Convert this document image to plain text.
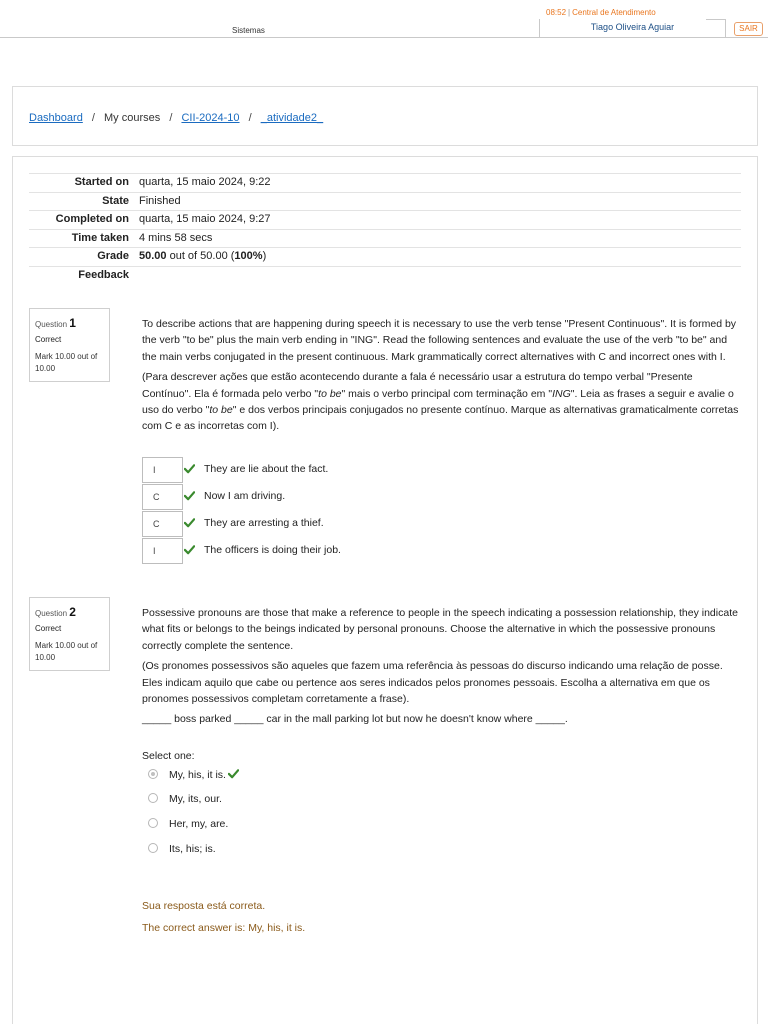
Sistemas
08:52 | Central de Atendimento
Tiago Oliveira Aguiar	SAIR
Dashboard / My courses / CII-2024-10 / _atividade2_
Started on	quarta, 15 maio 2024, 9:22
State	Finished
Completed on	quarta, 15 maio 2024, 9:27
Time taken	4 mins 58 secs
Grade	50.00 out of 50.00 (100%)
Feedback	
Question 1
Correct
Mark 10.00 out of 10.00

To describe actions that are happening during speech it is necessary to use the verb tense "Present Continuous". It is formed by the verb "to be" plus the main verb ending in "ING". Read the following sentences and evaluate the use of the verb "to be" and the main verbs conjugated in the present continuous. Mark grammatically correct alternatives with C and incorrect ones with I.

(Para descrever ações que estão acontecendo durante a fala é necessário usar a estrutura do tempo verbal "Presente Contínuo". Ela é formada pelo verbo "to be" mais o verbo principal com terminação em "ING". Leia as frases a seguir e avalie o uso do verbo "to be" e dos verbos principais conjugados no presente contínuo. Marque as alternativas gramaticalmente corretas com C e as incorretas com I).

I	They are lie about the fact.
C	Now I am driving.
C	They are arresting a thief.
I	The officers is doing their job.
Question 2
Correct
Mark 10.00 out of 10.00

Possessive pronouns are those that make a reference to people in the speech indicating a possession relationship, they indicate what fits or belongs to the beings indicated by personal pronouns. Choose the alternative in which the possessive pronouns correctly complete the sentence.

(Os pronomes possessivos são aqueles que fazem uma referência às pessoas do discurso indicando uma relação de posse. Eles indicam aquilo que cabe ou pertence aos seres indicados pelos pronomes pessoais. Escolha a alternativa em que os pronomes possessivos completam corretamente a frase).

_____ boss parked _____ car in the mall parking lot but now he doesn't know where _____.

Select one:
My, his, it is.
My, its, our.
Her, my, are.
Its, his; is.
Sua resposta está correta.
The correct answer is: My, his, it is.
